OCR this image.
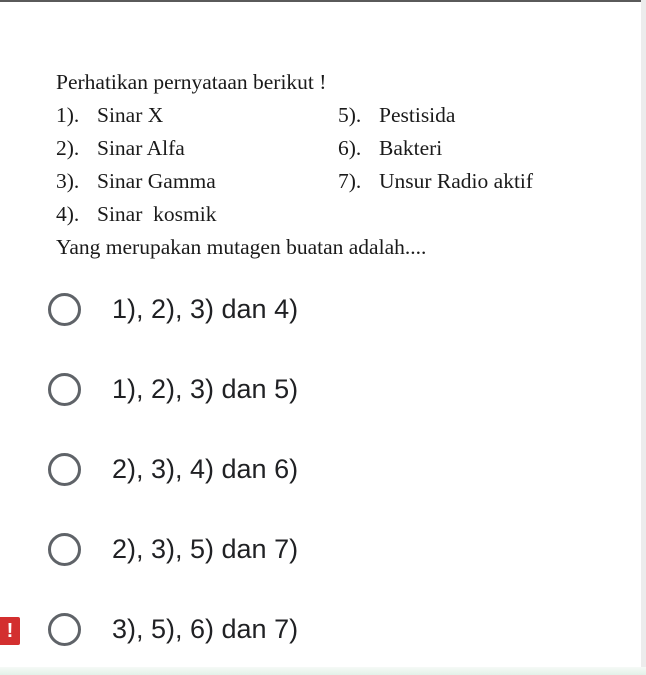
Perhatikan pernyataan berikut !
1). Sinar X	5). Pestisida
2). Sinar Alfa	6). Bakteri
3). Sinar Gamma	7). Unsur Radio aktif
4). Sinar  kosmik
Yang merupakan mutagen buatan adalah....
1), 2), 3) dan 4)
1), 2), 3) dan 5)
2), 3), 4) dan 6)
2), 3), 5) dan 7)
!	3), 5), 6) dan 7)
